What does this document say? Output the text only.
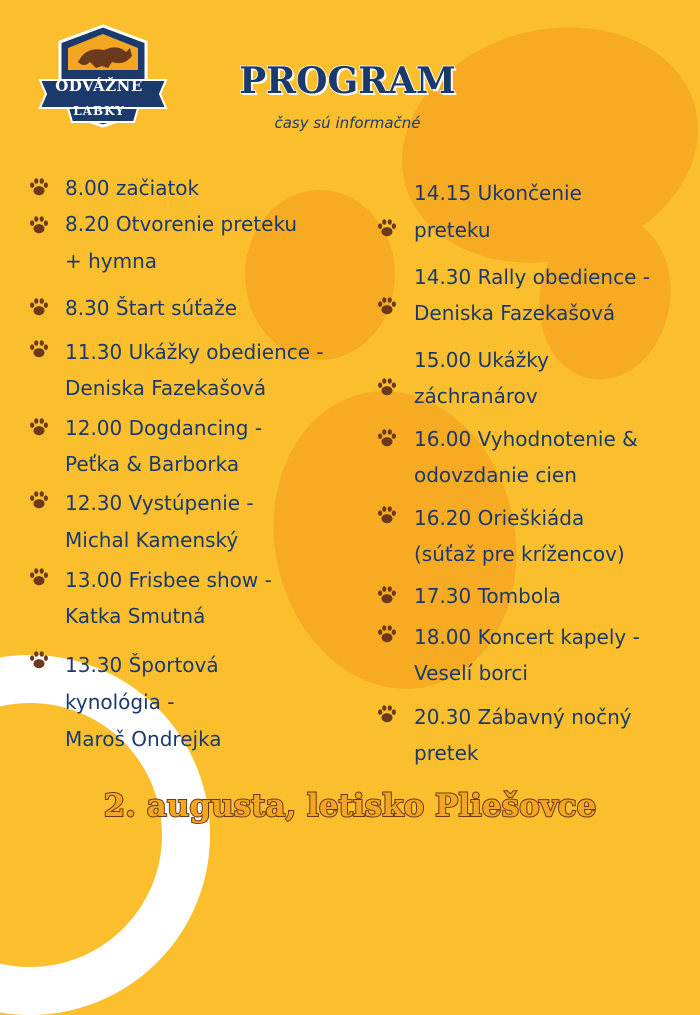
ODVÁŽNE
LABKY
PROGRAM
časy sú informačné
8.00 začiatok
8.20 Otvorenie preteku
+ hymna
8.30 Štart súťaže
11.30 Ukážky obedience -
Deniska Fazekašová
12.00 Dogdancing -
Peťka & Barborka
12.30 Vystúpenie -
Michal Kamenský
13.00 Frisbee show -
Katka Smutná
13.30 Športová
kynológia -
Maroš Ondrejka
14.15 Ukončenie
preteku
14.30 Rally obedience -
Deniska Fazekašová
15.00 Ukážky
záchranárov
16.00 Vyhodnotenie &
odovzdanie cien
16.20 Orieškiáda
(súťaž pre krížencov)
17.30 Tombola
18.00 Koncert kapely -
Veselí borci
20.30 Zábavný nočný
pretek
2. augusta, letisko Pliešovce
